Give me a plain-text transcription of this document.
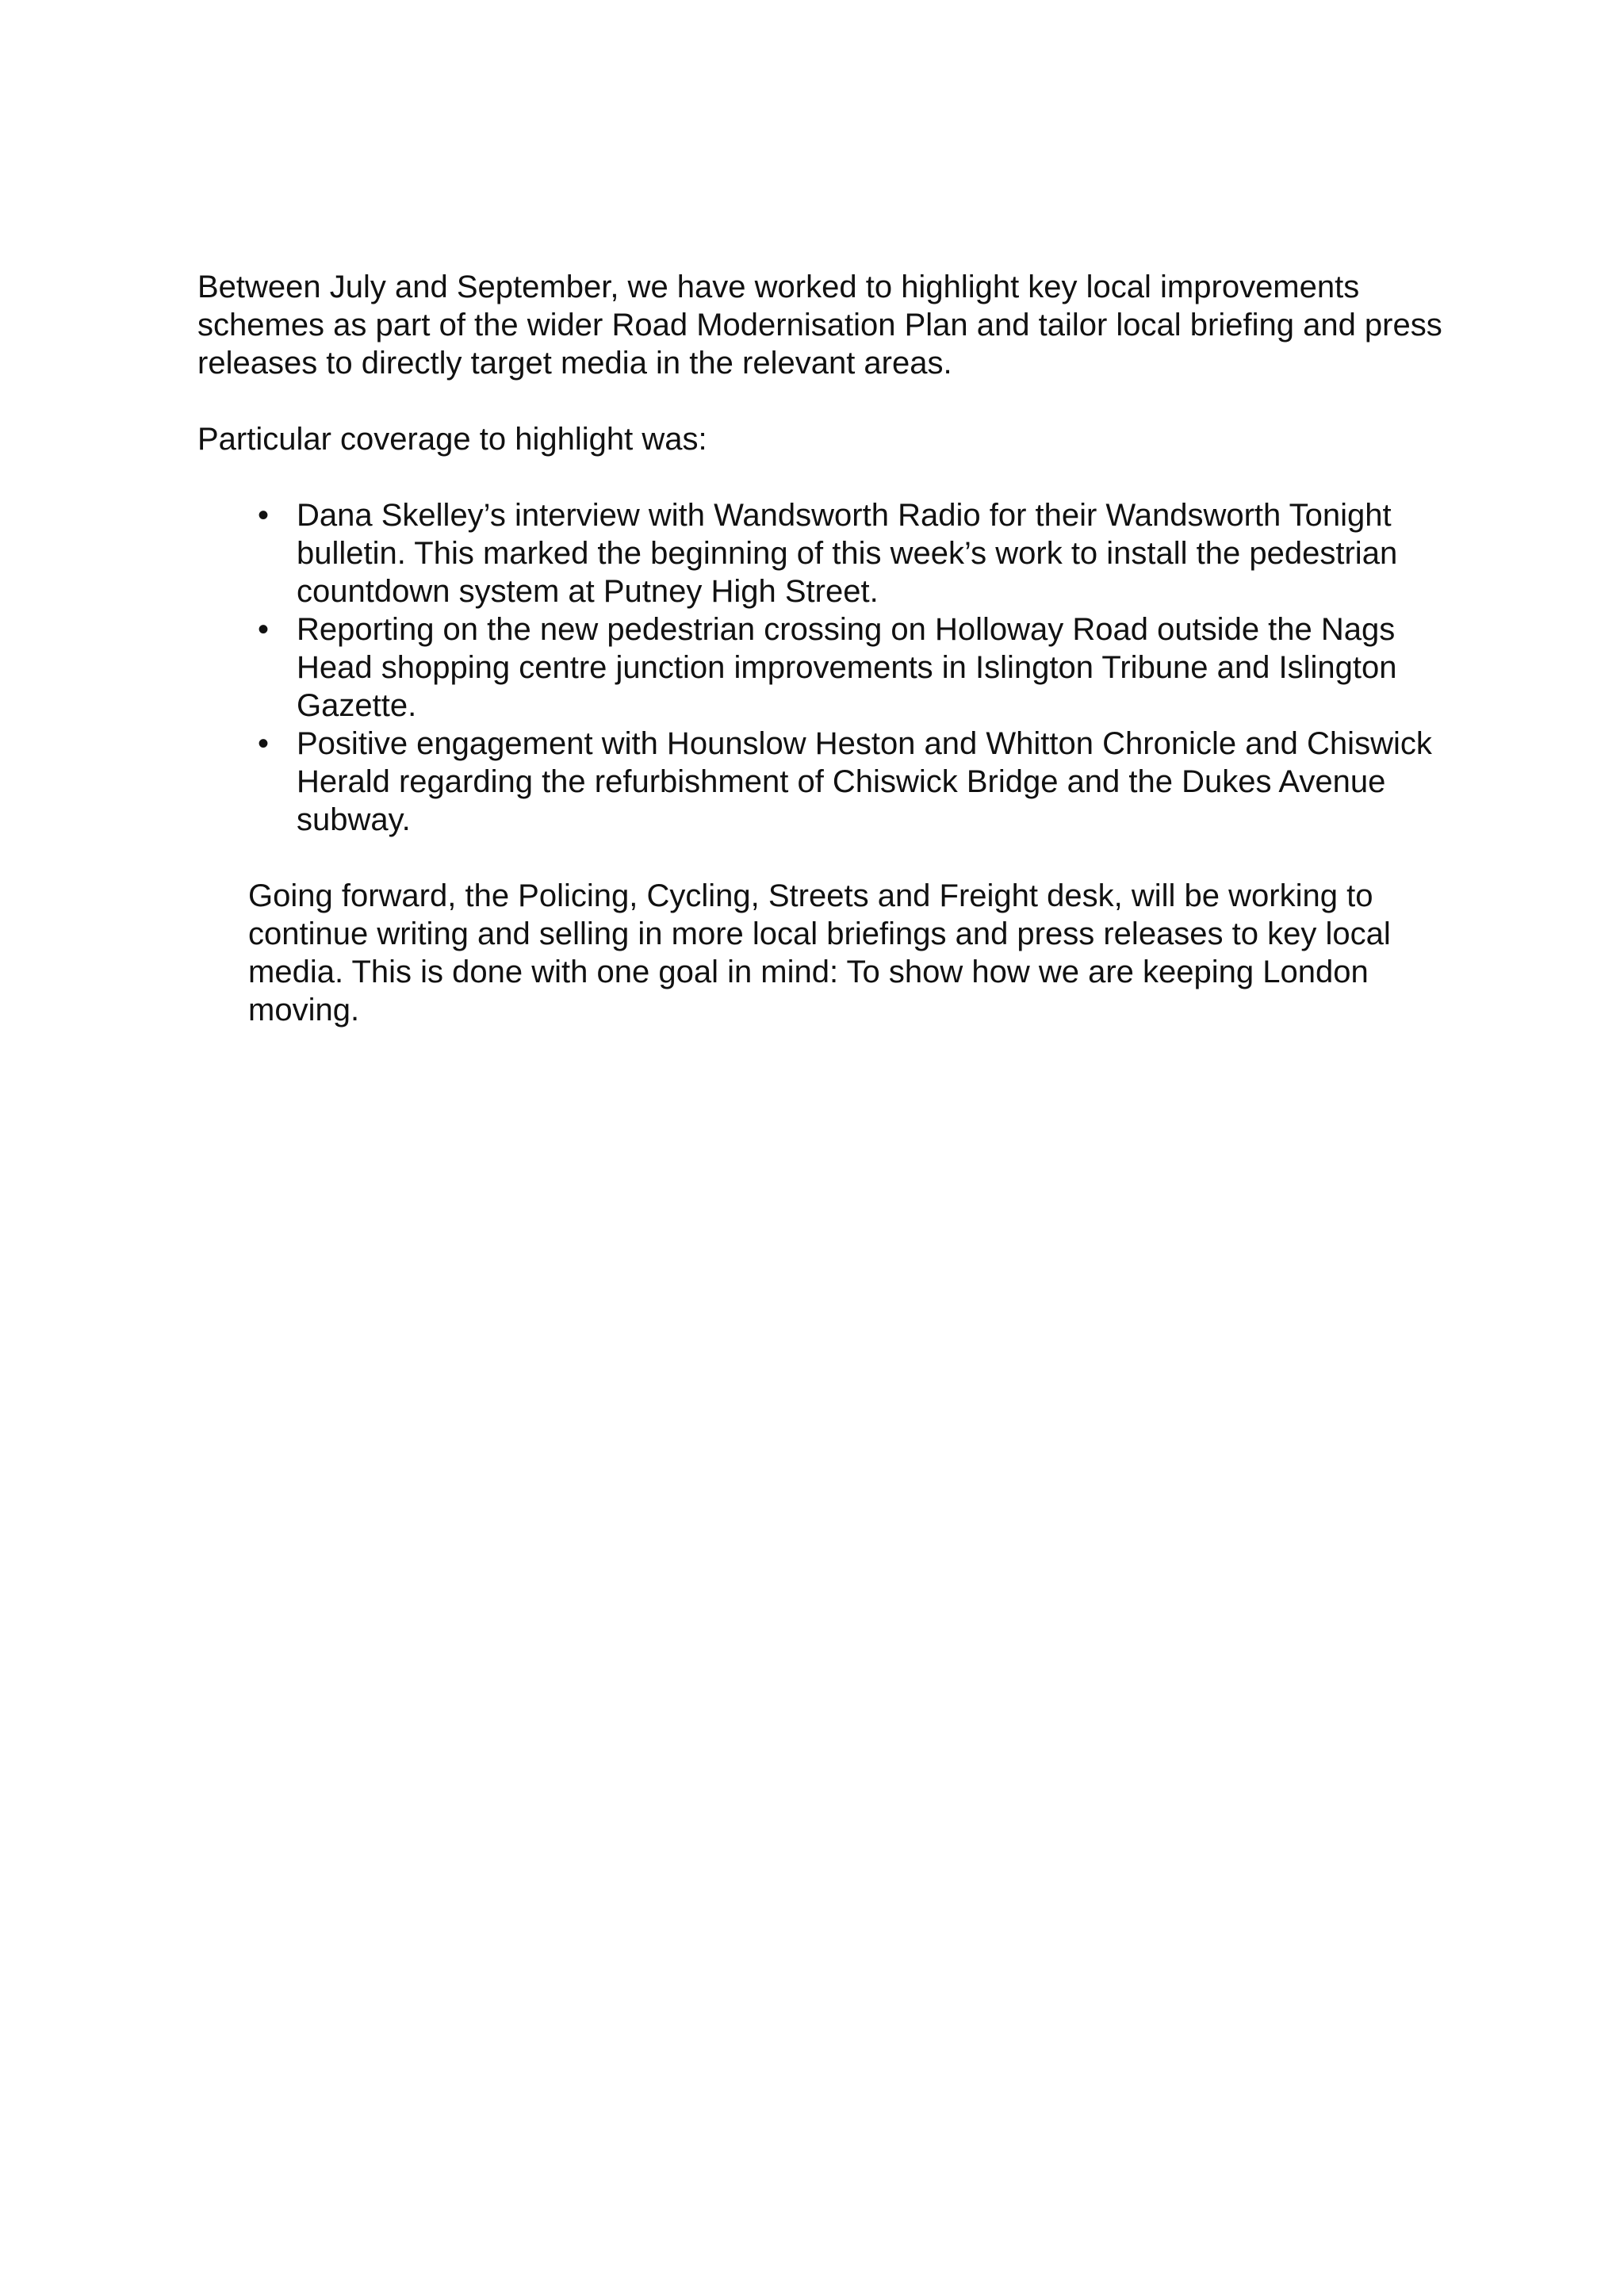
Between July and September, we have worked to highlight key local improvements schemes as part of the wider Road Modernisation Plan and tailor local briefing and press releases to directly target media in the relevant areas.

Particular coverage to highlight was:

• Dana Skelley’s interview with Wandsworth Radio for their Wandsworth Tonight bulletin. This marked the beginning of this week’s work to install the pedestrian countdown system at Putney High Street.
• Reporting on the new pedestrian crossing on Holloway Road outside the Nags Head shopping centre junction improvements in Islington Tribune and Islington Gazette.
• Positive engagement with Hounslow Heston and Whitton Chronicle and Chiswick Herald regarding the refurbishment of Chiswick Bridge and the Dukes Avenue subway.

Going forward, the Policing, Cycling, Streets and Freight desk, will be working to continue writing and selling in more local briefings and press releases to key local media. This is done with one goal in mind: To show how we are keeping London moving.
